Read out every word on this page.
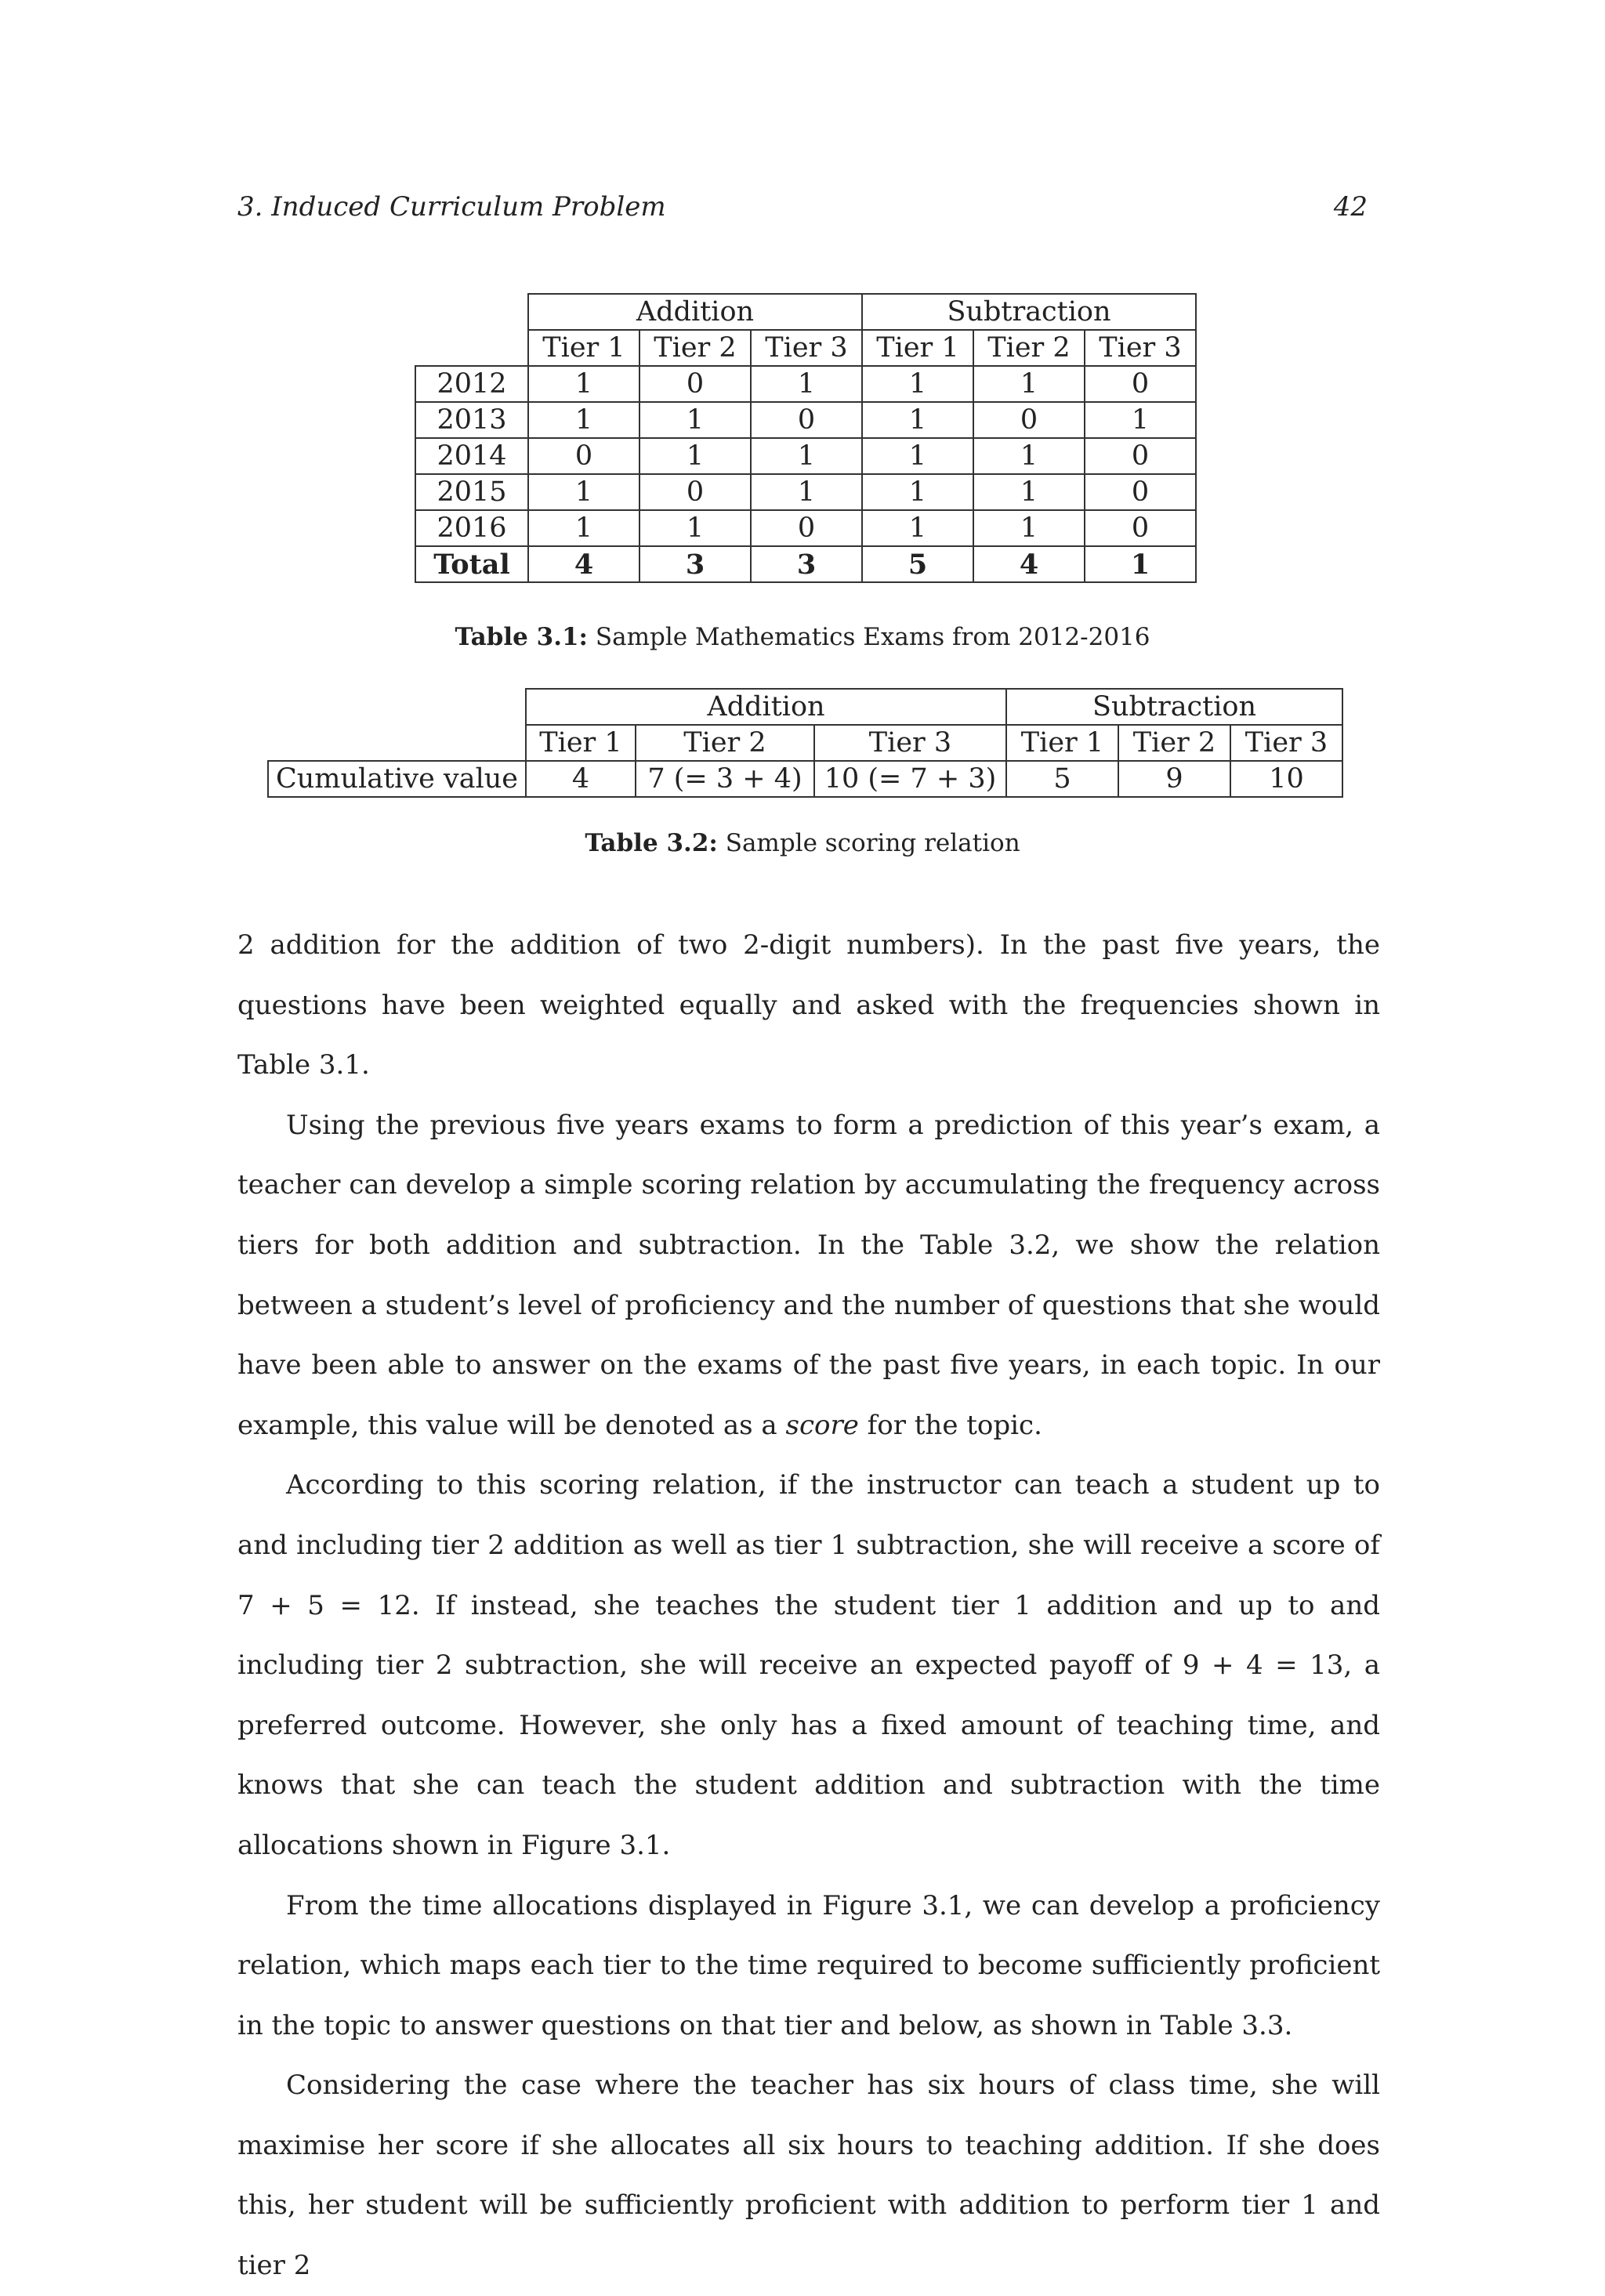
3. Induced Curriculum Problem	42
	Addition			Subtraction		
	Tier 1	Tier 2	Tier 3	Tier 1	Tier 2	Tier 3
2012	1	0	1	1	1	0
2013	1	1	0	1	0	1
2014	0	1	1	1	1	0
2015	1	0	1	1	1	0
2016	1	1	0	1	1	0
Total	4	3	3	5	4	1
Table 3.1: Sample Mathematics Exams from 2012-2016
	Addition			Subtraction		
	Tier 1	Tier 2	Tier 3	Tier 1	Tier 2	Tier 3
Cumulative value	4	7 (= 3 + 4)	10 (= 7 + 3)	5	9	10
Table 3.2: Sample scoring relation

2 addition for the addition of two 2-digit numbers). In the past five years, the questions have been weighted equally and asked with the frequencies shown in Table 3.1.

Using the previous five years exams to form a prediction of this year’s exam, a teacher can develop a simple scoring relation by accumulating the frequency across tiers for both addition and subtraction. In the Table 3.2, we show the relation between a student’s level of proficiency and the number of questions that she would have been able to answer on the exams of the past five years, in each topic. In our example, this value will be denoted as a score for the topic.

According to this scoring relation, if the instructor can teach a student up to and including tier 2 addition as well as tier 1 subtraction, she will receive a score of 7 + 5 = 12. If instead, she teaches the student tier 1 addition and up to and including tier 2 subtraction, she will receive an expected payoff of 9 + 4 = 13, a preferred outcome. However, she only has a fixed amount of teaching time, and knows that she can teach the student addition and subtraction with the time allocations shown in Figure 3.1.

From the time allocations displayed in Figure 3.1, we can develop a proficiency relation, which maps each tier to the time required to become sufficiently proficient in the topic to answer questions on that tier and below, as shown in Table 3.3.

Considering the case where the teacher has six hours of class time, she will maximise her score if she allocates all six hours to teaching addition. If she does this, her student will be sufficiently proficient with addition to perform tier 1 and tier 2
